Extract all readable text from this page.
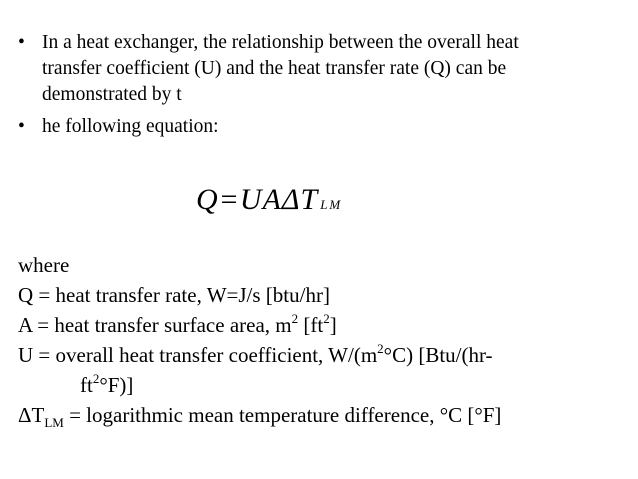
• In a heat exchanger, the relationship between the overall heat
transfer coefficient (U) and the heat transfer rate (Q) can be
demonstrated by t
• he following equation:
Q=UAΔT LM

where

Q = heat transfer rate, W=J/s [btu/hr]

A = heat transfer surface area, $m^2$ $[ft^2]$

U = overall heat transfer coefficient, $W/(m^2^\circ C)$ [Btu/(hr-

$ft^2^\circ F$)]

$\Delta T_{LM}$ = logarithmic mean temperature difference, °C [°F]
